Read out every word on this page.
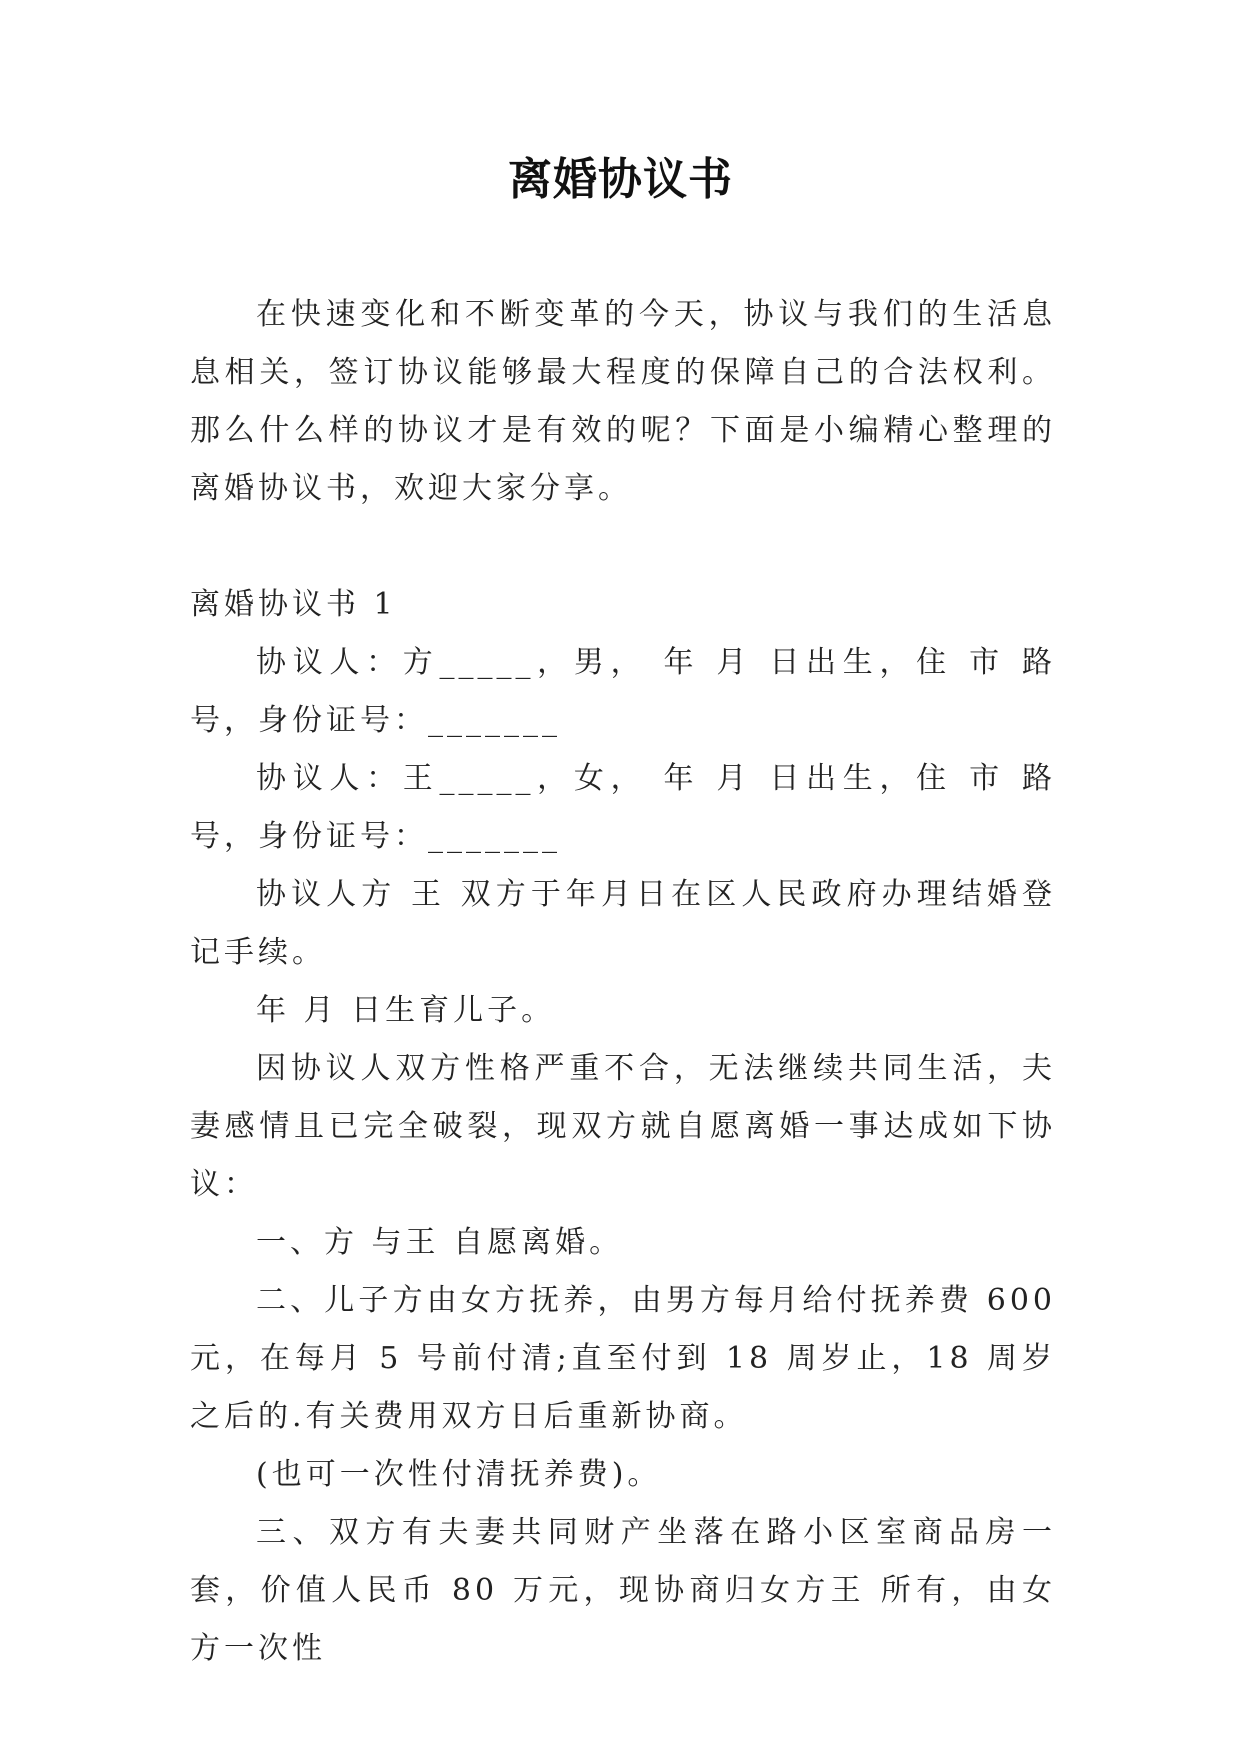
离婚协议书

在快速变化和不断变革的今天，协议与我们的生活息息相关，签订协议能够最大程度的保障自己的合法权利。那么什么样的协议才是有效的呢？下面是小编精心整理的离婚协议书，欢迎大家分享。

离婚协议书 1

协议人：方_____，男， 年 月 日出生，住 市 路 号，身份证号：_______

协议人：王_____，女， 年 月 日出生，住 市 路 号，身份证号：_______

协议人方 王 双方于年月日在区人民政府办理结婚登记手续。

年 月 日生育儿子。

因协议人双方性格严重不合，无法继续共同生活，夫妻感情且已完全破裂，现双方就自愿离婚一事达成如下协议：

一、方 与王 自愿离婚。

二、儿子方由女方抚养，由男方每月给付抚养费 600 元，在每月 5 号前付清;直至付到 18 周岁止，18 周岁之后的.有关费用双方日后重新协商。

(也可一次性付清抚养费)。

三、双方有夫妻共同财产坐落在路小区室商品房一套，价值人民币 80 万元，现协商归女方王 所有，由女方一次性
